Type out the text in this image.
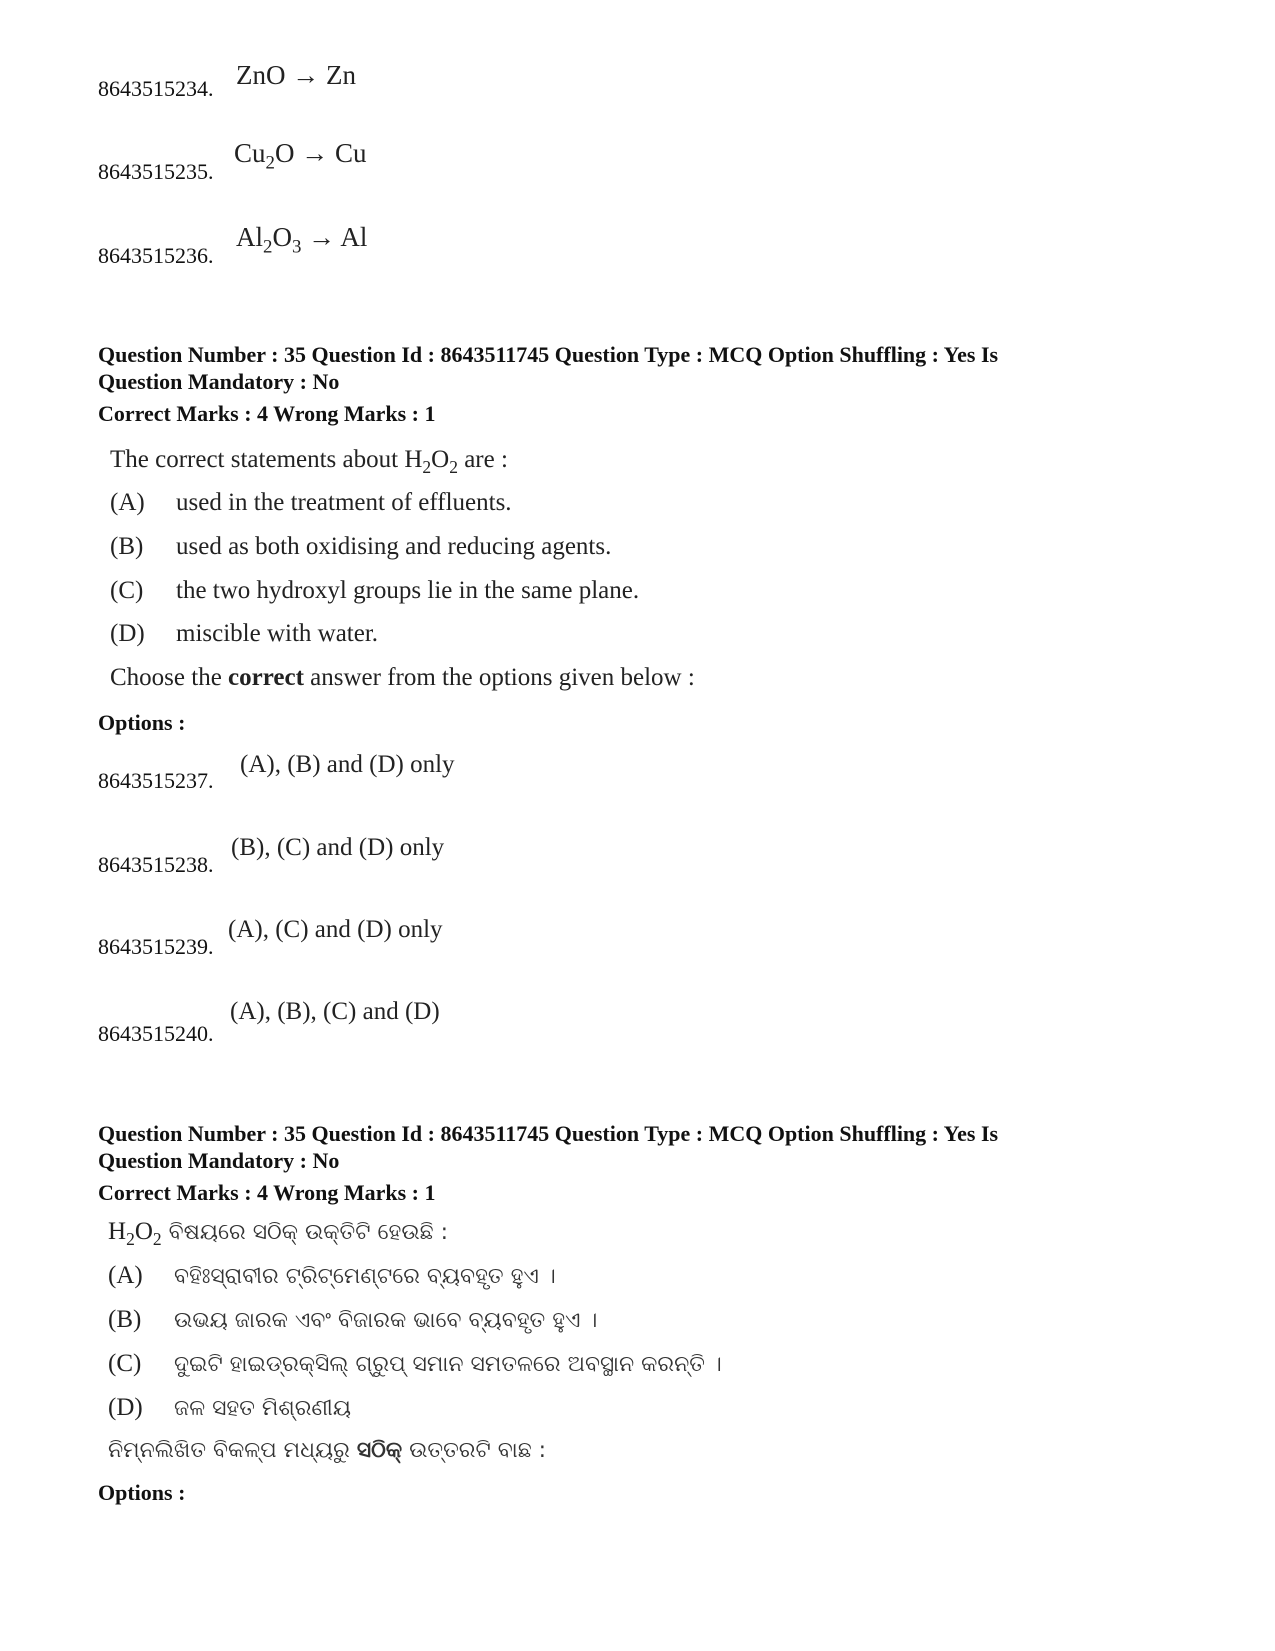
8643515234. ZnO → Zn
8643515235.
$Cu_2O \to Cu$
8643515236.
$Al_2O_3 \to Al$
Question Number : 35 Question Id : 8643511745 Question Type : MCQ Option Shuffling : Yes Is
Question Mandatory : No
Correct Marks : 4 Wrong Marks : 1
The correct statements about $H_2O_2$ are :
(A) used in the treatment of effluents.
(B) used as both oxidising and reducing agents.
(C) the two hydroxyl groups lie in the same plane.
(D) miscible with water.
Choose the correct answer from the options given below :
Options :
8643515237.
(A), (B) and (D) only
8643515238.
(B), (C) and (D) only
8643515239.
(A), (C) and (D) only
8643515240.
(A), (B), (C) and (D)
Question Number : 35 Question Id : 8643511745 Question Type : MCQ Option Shuffling : Yes Is
Question Mandatory : No
Correct Marks : 4 Wrong Marks : 1
$H_2O_2$ ବିଷୟରେ ସଠିକ୍ ଉକ୍ତିଟି ହେଉଛି :
(A) ବହିଃସ୍ରାବୀର ଟ୍ରିଟ୍‌ମେଣ୍ଟରେ ବ୍ୟବହୃତ ହୁଏ ।
(B) ଉଭୟ ଜାରକ ଏବଂ ବିଜାରକ ଭାବେ ବ୍ୟବହୃତ ହୁଏ ।
(C) ଦୁଇଟି ହାଇଡ୍ରକ୍ସିଲ୍ ଗ୍ରୁପ୍ ସମାନ ସମତଳରେ ଅବସ୍ଥାନ କରନ୍ତି ।
(D) ଜଳ ସହତ ମିଶ୍ରଣୀୟ
ନିମ୍ନଲିଖିତ ବିକଳ୍ପ ମଧ୍ୟରୁ ସଠିକ୍ ଉତ୍ତରଟି ବାଛ :
Options :
